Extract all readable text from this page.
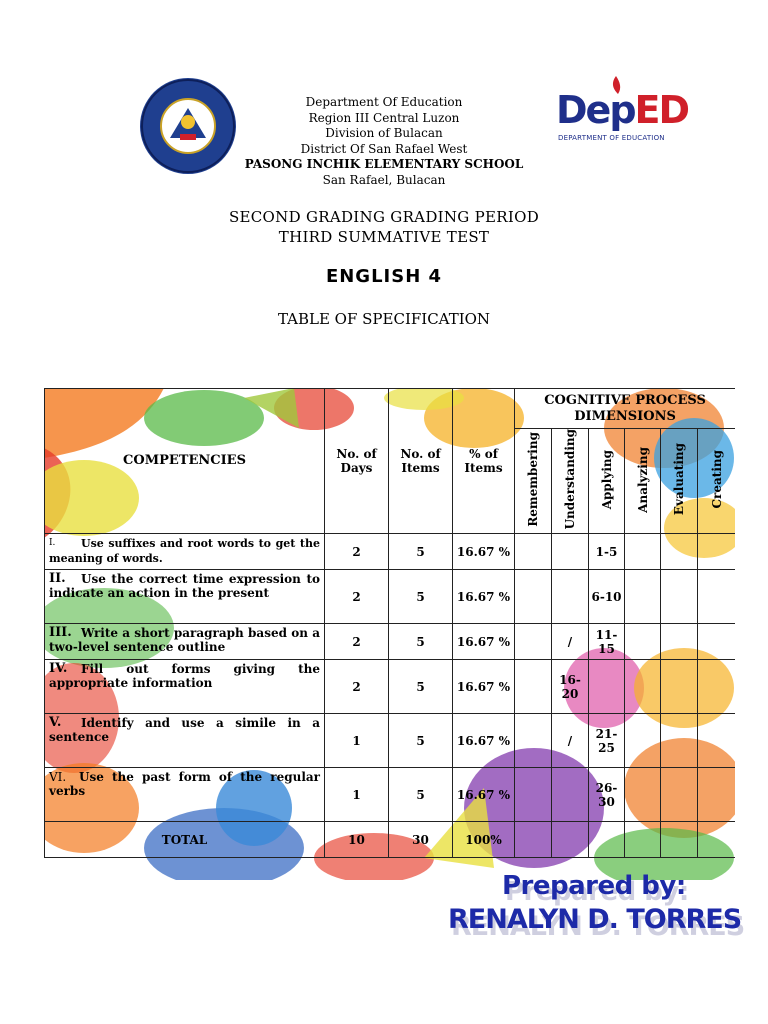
DepED
DEPARTMENT OF EDUCATION
Department Of Education
Region III Central Luzon
Division of Bulacan
District Of San Rafael West
PASONG INCHIK ELEMENTARY SCHOOL
San Rafael, Bulacan
SECOND GRADING GRADING PERIOD
THIRD SUMMATIVE TEST
ENGLISH 4
TABLE OF SPECIFICATION
COMPETENCIES	No. of Days	No. of Items	% of Items	COGNITIVE PROCESS DIMENSIONS					
				Remembering	Understanding	Applying	Analyzing	Evaluating	Creating

I. Use suffixes and root words to get the meaning of words.	2	5	16.67 %			1-5			

II. Use the correct time expression to indicate an action in the present	2	5	16.67 %			6-10			

III. Write a short paragraph based on a two-level sentence outline	2	5	16.67 %		/	11-15			

IV. Fill out forms giving the appropriate information	2	5	16.67 %		16-20				

V. Identify and use a simile in a sentence	1	5	16.67 %		/	21-25			

VI. Use the past form of the regular verbs	1	5	16.67 %			26-30			
TOTAL	10	30	100%						
Prepared by:
RENALYN D. TORRES
